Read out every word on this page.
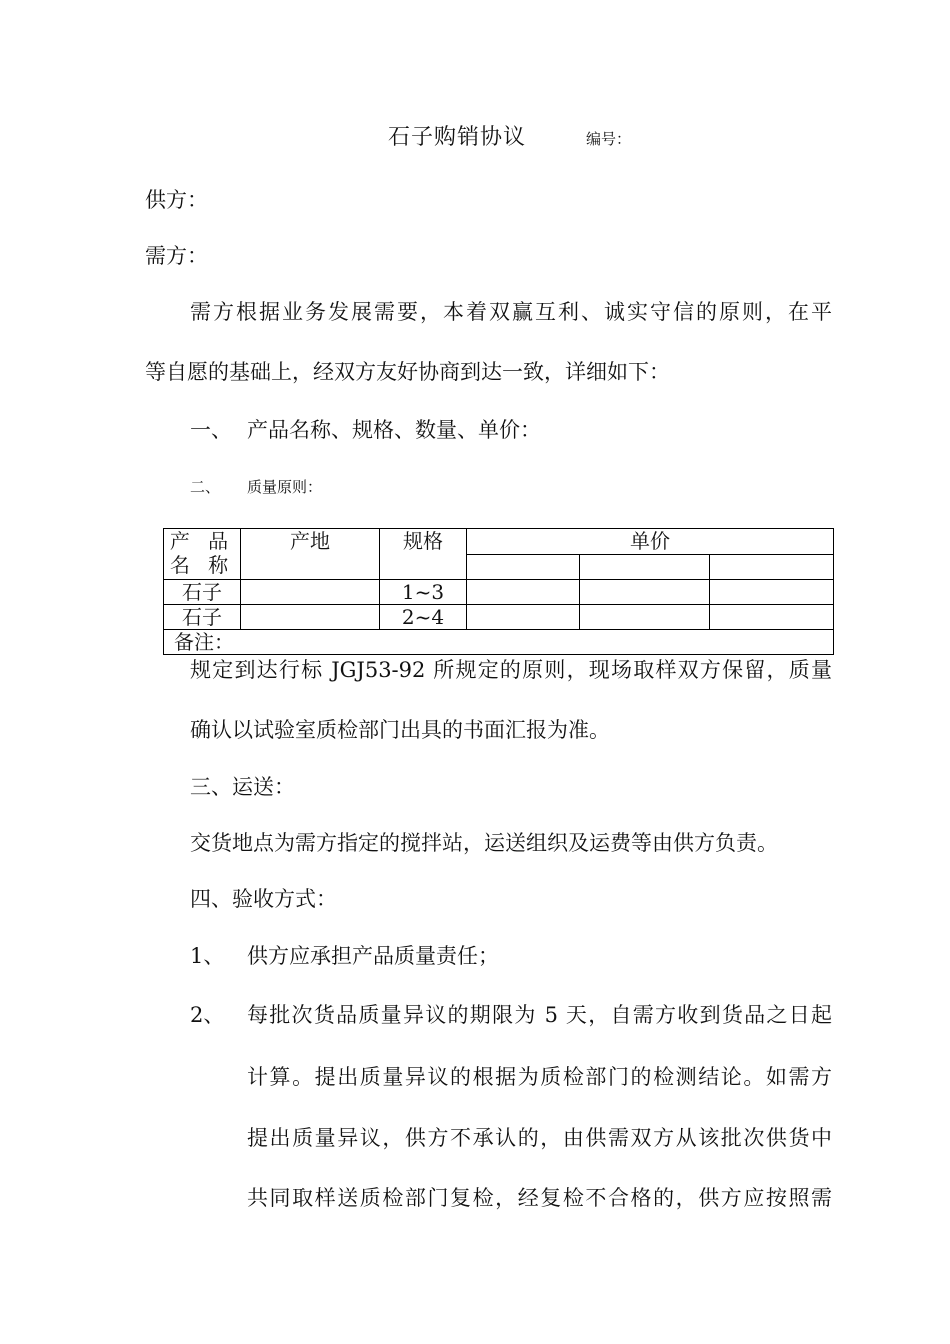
石子购销协议	编号：
供方：
需方：
需方根据业务发展需要，本着双赢互利、诚实守信的原则，在平
等自愿的基础上，经双方友好协商到达一致，详细如下：
一、 产品名称、规格、数量、单价：
二、 质量原则：
产 品
名 称	产地	规格	单价		

石子		1~3			
石子		2~4			
备注：					
规定到达行标 JGJ53-92 所规定的原则，现场取样双方保留，质量
确认以试验室质检部门出具的书面汇报为准。
三、运送：
交货地点为需方指定的搅拌站，运送组织及运费等由供方负责。
四、验收方式：
1、 供方应承担产品质量责任；
2、 每批次货品质量异议的期限为 5 天，自需方收到货品之日起
计算。提出质量异议的根据为质检部门的检测结论。如需方
提出质量异议，供方不承认的，由供需双方从该批次供货中
共同取样送质检部门复检，经复检不合格的，供方应按照需
